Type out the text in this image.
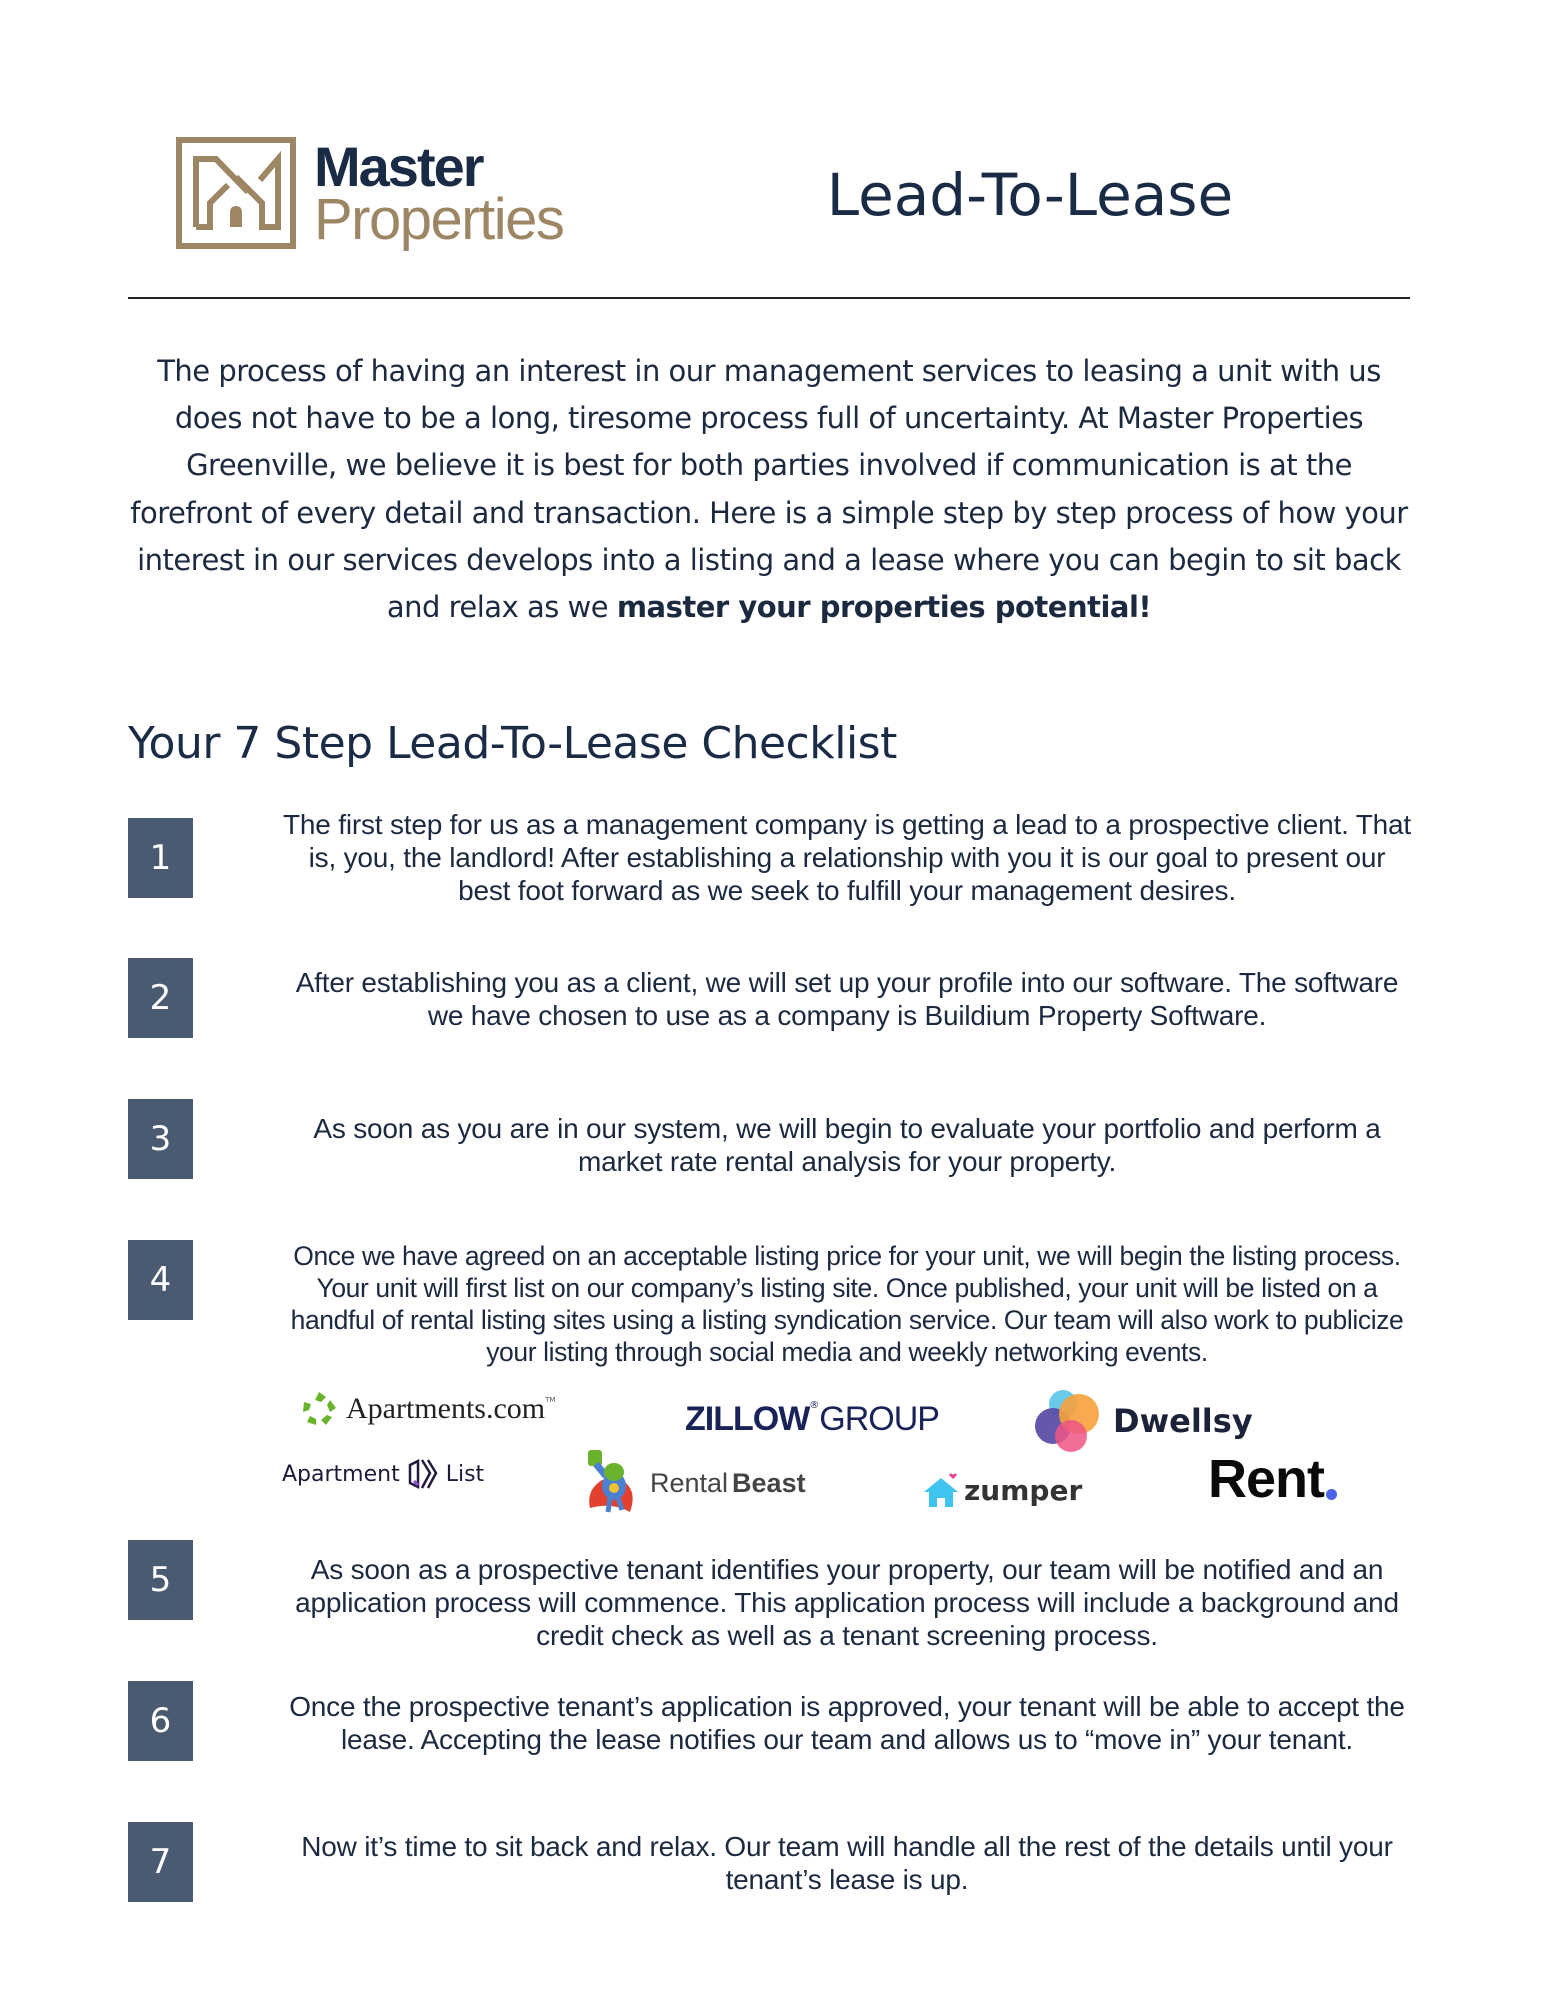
Master
Properties	Lead-To-Lease
The process of having an interest in our management services to leasing a unit with us does not have to be a long, tiresome process full of uncertainty. At Master Properties Greenville, we believe it is best for both parties involved if communication is at the forefront of every detail and transaction. Here is a simple step by step process of how your interest in our services develops into a listing and a lease where you can begin to sit back and relax as we master your properties potential!
Your 7 Step Lead-To-Lease Checklist
1
The first step for us as a management company is getting a lead to a prospective client. That is, you, the landlord! After establishing a relationship with you it is our goal to present our best foot forward as we seek to fulfill your management desires.
2	After establishing you as a client, we will set up your profile into our software. The software we have chosen to use as a company is Buildium Property Software.
3	As soon as you are in our system, we will begin to evaluate your portfolio and perform a market rate rental analysis for your property.
4
Once we have agreed on an acceptable listing price for your unit, we will begin the listing process. Your unit will first list on our company’s listing site. Once published, your unit will be listed on a handful of rental listing sites using a listing syndication service. Our team will also work to publicize your listing through social media and weekly networking events.
Apartments.com TM	ZILLOW ® GROUP	Dwellsy
Apartment List	Rental Beast	zumper Rent
5	As soon as a prospective tenant identifies your property, our team will be notified and an application process will commence. This application process will include a background and credit check as well as a tenant screening process.
6	Once the prospective tenant’s application is approved, your tenant will be able to accept the lease. Accepting the lease notifies our team and allows us to “move in” your tenant.
7	Now it’s time to sit back and relax. Our team will handle all the rest of the details until your tenant’s lease is up.
